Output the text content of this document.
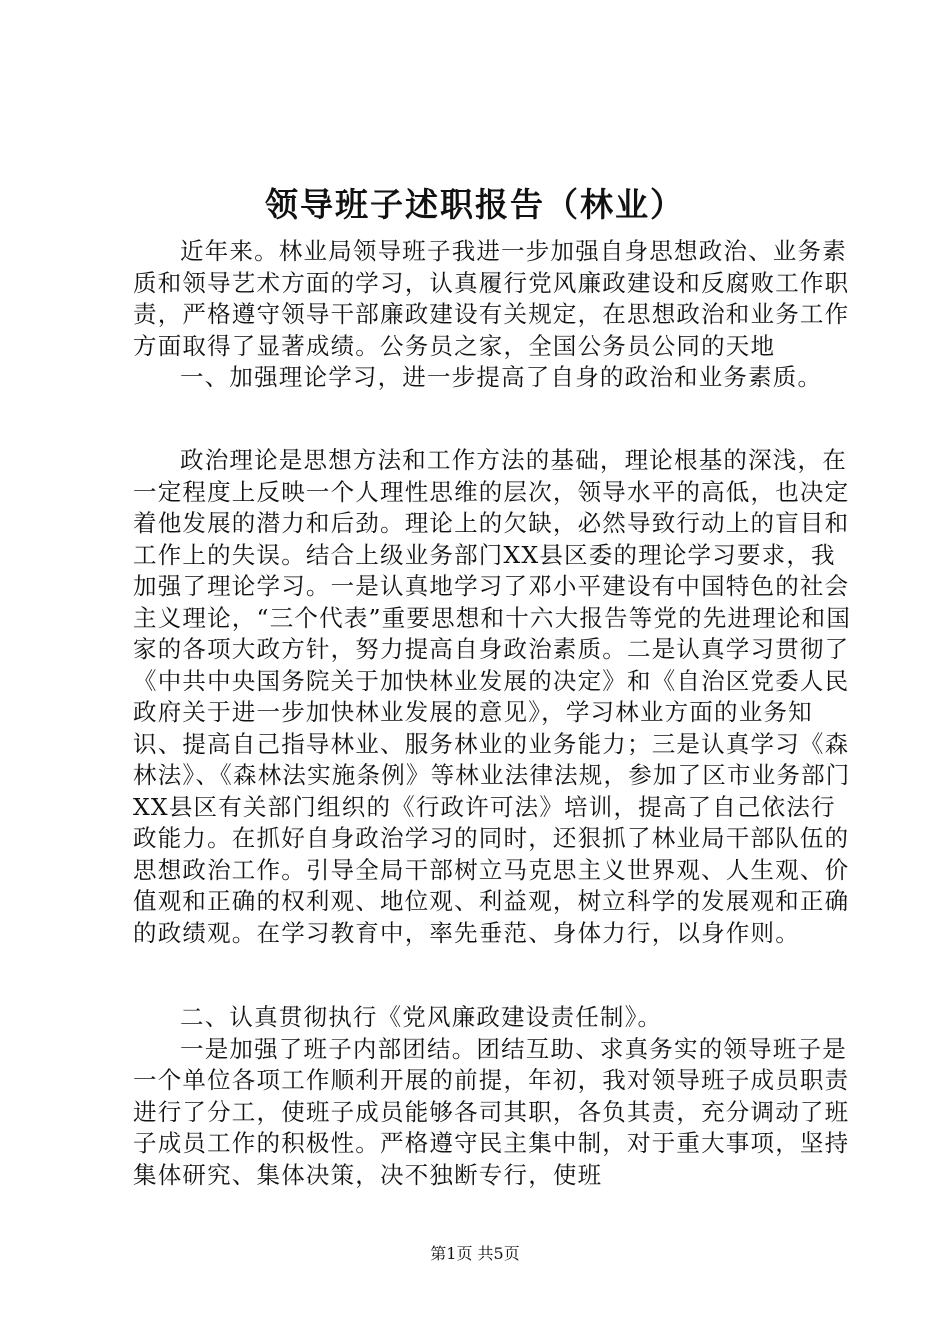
领导班子述职报告（林业）

近年来。林业局领导班子我进一步加强自身思想政治、业务素质和领导艺术方面的学习，认真履行党风廉政建设和反腐败工作职责，严格遵守领导干部廉政建设有关规定，在思想政治和业务工作方面取得了显著成绩。公务员之家，全国公务员公同的天地

一、加强理论学习，进一步提高了自身的政治和业务素质。

政治理论是思想方法和工作方法的基础，理论根基的深浅，在一定程度上反映一个人理性思维的层次，领导水平的高低，也决定着他发展的潜力和后劲。理论上的欠缺，必然导致行动上的盲目和工作上的失误。结合上级业务部门XX县区委的理论学习要求，我加强了理论学习。一是认真地学习了邓小平建设有中国特色的社会主义理论，“三个代表”重要思想和十六大报告等党的先进理论和国家的各项大政方针，努力提高自身政治素质。二是认真学习贯彻了《中共中央国务院关于加快林业发展的决定》和《自治区党委人民政府关于进一步加快林业发展的意见》，学习林业方面的业务知识、提高自己指导林业、服务林业的业务能力；三是认真学习《森林法》、《森林法实施条例》等林业法律法规，参加了区市业务部门XX县区有关部门组织的《行政许可法》培训，提高了自己依法行政能力。在抓好自身政治学习的同时，还狠抓了林业局干部队伍的思想政治工作。引导全局干部树立马克思主义世界观、人生观、价值观和正确的权利观、地位观、利益观，树立科学的发展观和正确的政绩观。在学习教育中，率先垂范、身体力行，以身作则。

二、认真贯彻执行《党风廉政建设责任制》。

一是加强了班子内部团结。团结互助、求真务实的领导班子是一个单位各项工作顺利开展的前提，年初，我对领导班子成员职责进行了分工，使班子成员能够各司其职，各负其责，充分调动了班子成员工作的积极性。严格遵守民主集中制，对于重大事项，坚持集体研究、集体决策，决不独断专行，使班

第1页 共5页
